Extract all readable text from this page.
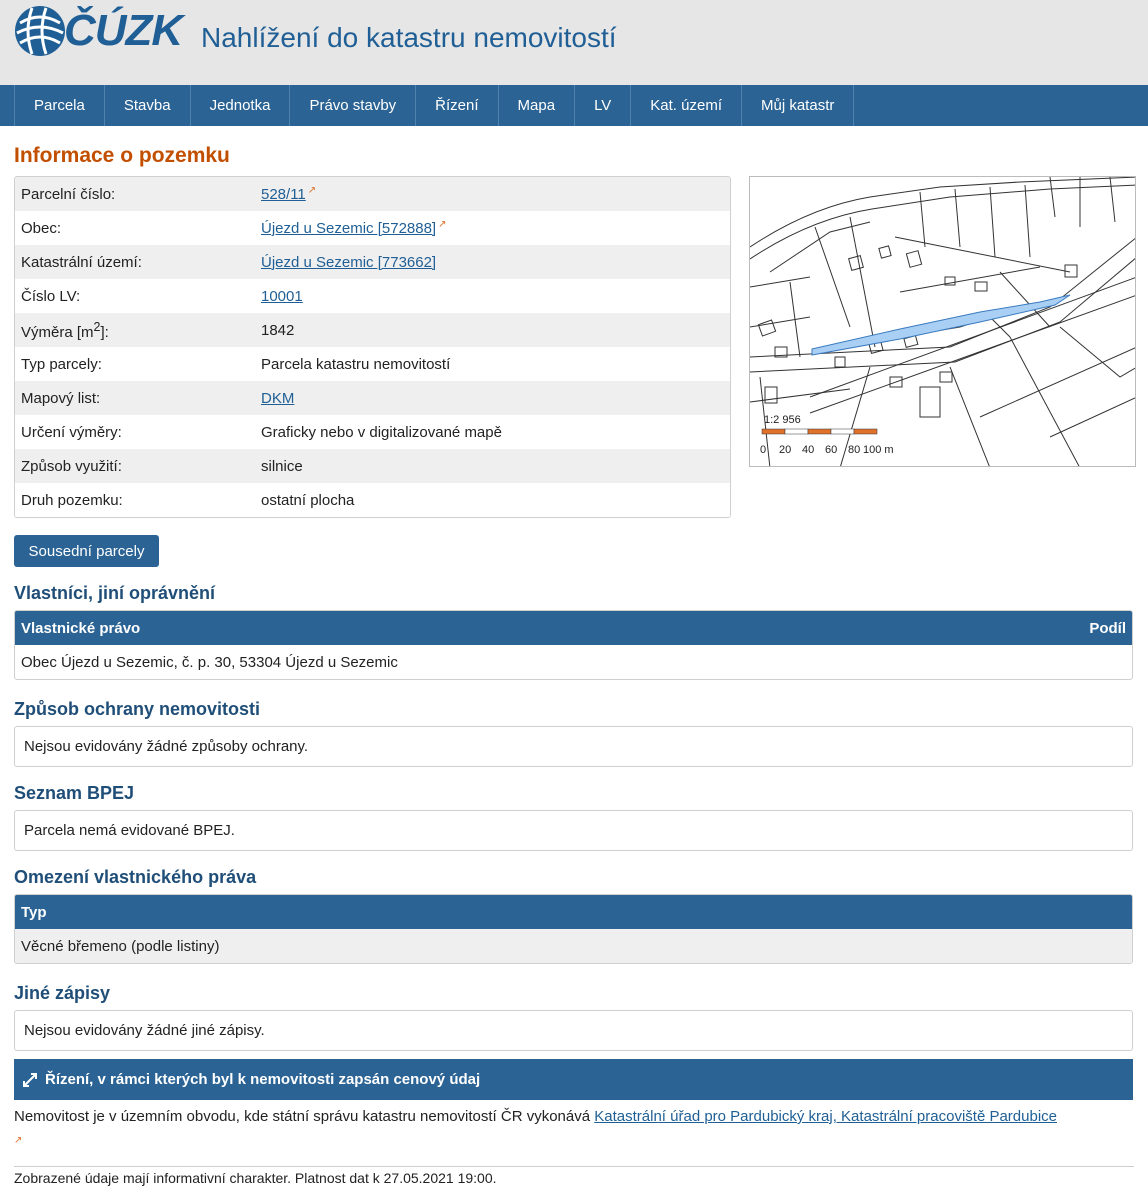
ČÚZK Nahlížení do katastru nemovitostí
Parcela	Stavba	Jednotka	Právo stavby	Řízení	Mapa	LV	Kat. území	Můj katastr
Informace o pozemku
Parcelní číslo:	528/11 ↗
Obec:	Újezd u Sezemic [572888] ↗
Katastrální území:	Újezd u Sezemic [773662]
Číslo LV:	10001
Výměra $[m^2]$:	1842
Typ parcely:	Parcela katastru nemovitostí
Mapový list:	DKM
Určení výměry:	Graficky nebo v digitalizované mapě
Způsob využití:	silnice
Druh pozemku:	ostatní plocha
1:2 956
0 20 40 60 80 100 m
Sousední parcely
Vlastníci, jiní oprávnění
Vlastnické právo	Podíl
Obec Újezd u Sezemic, č. p. 30, 53304 Újezd u Sezemic
Způsob ochrany nemovitosti
Nejsou evidovány žádné způsoby ochrany.
Seznam BPEJ
Parcela nemá evidované BPEJ.
Omezení vlastnického práva
Typ
Věcné břemeno (podle listiny)
Jiné zápisy
Nejsou evidovány žádné jiné zápisy.
Řízení, v rámci kterých byl k nemovitosti zapsán cenový údaj
Nemovitost je v územním obvodu, kde státní správu katastru nemovitostí ČR vykonává Katastrální úřad pro Pardubický kraj, Katastrální pracoviště Pardubice
↗
Zobrazené údaje mají informativní charakter. Platnost dat k 27.05.2021 19:00.
